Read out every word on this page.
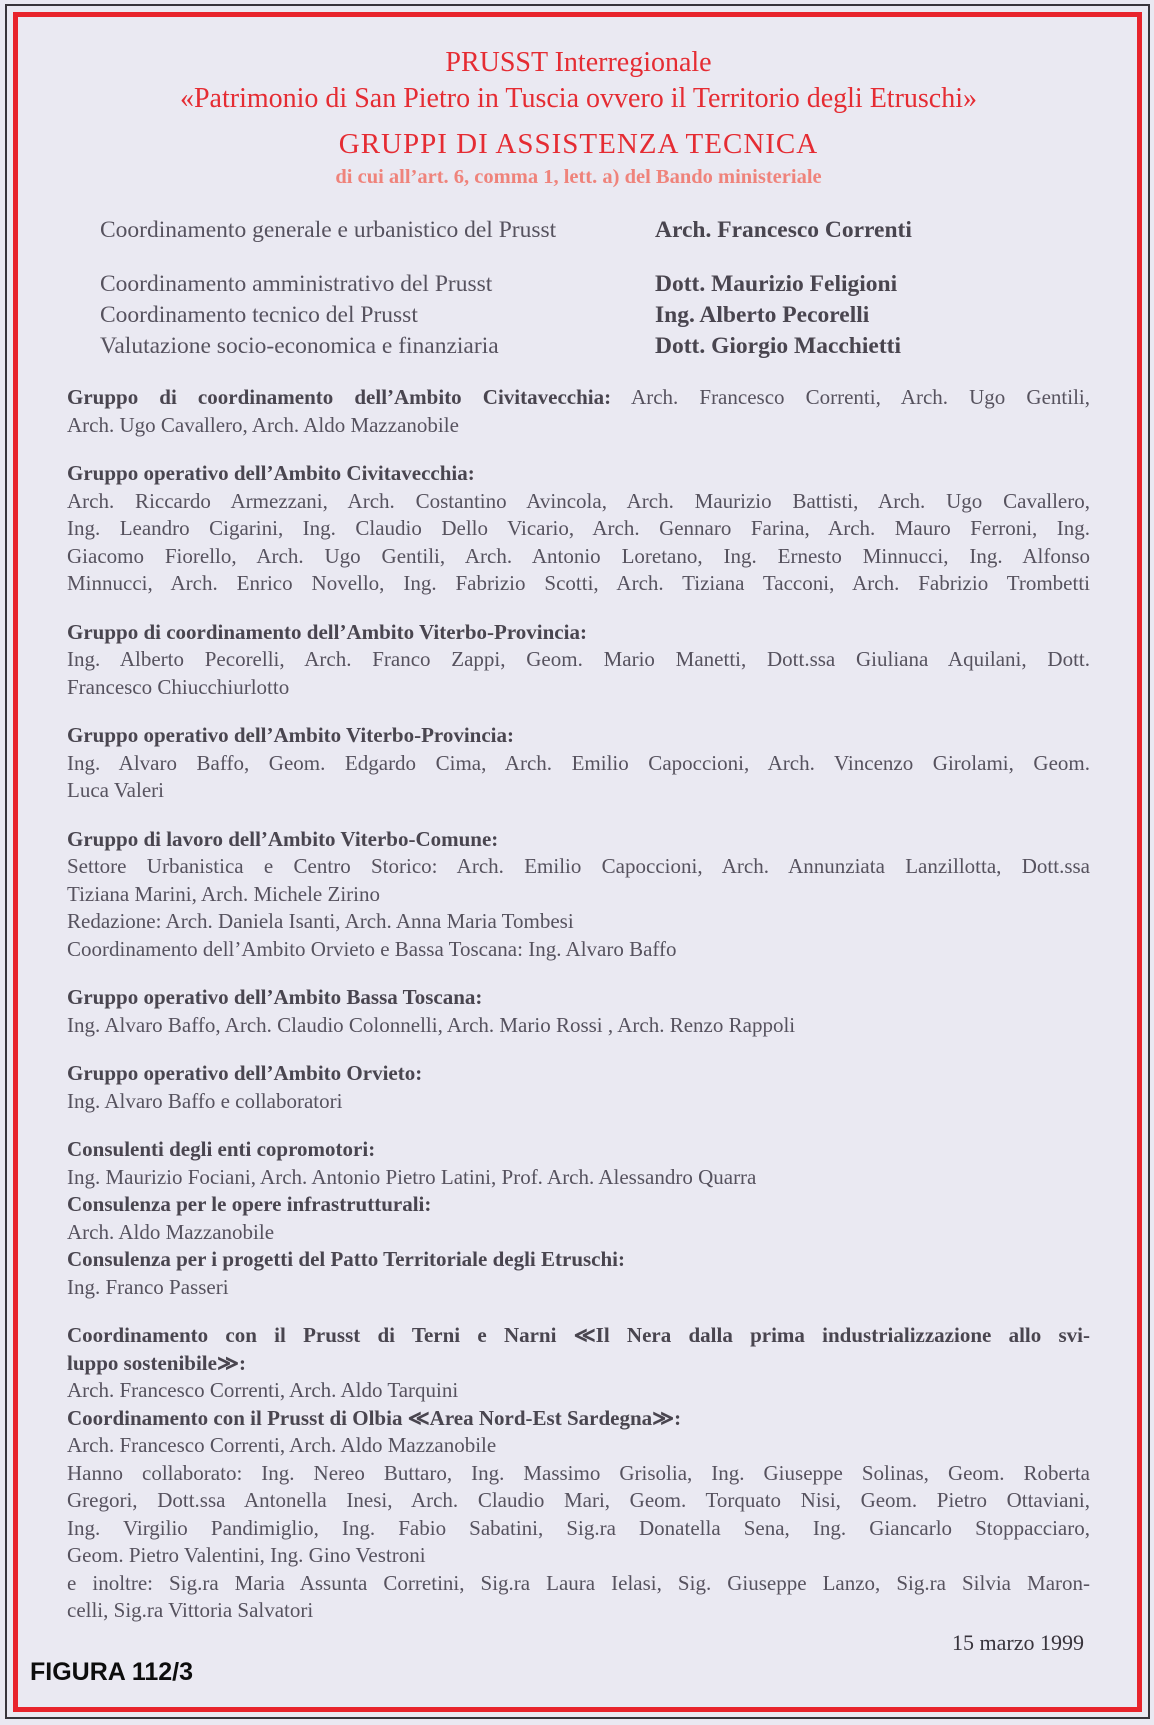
PRUSST Interregionale
«Patrimonio di San Pietro in Tuscia ovvero il Territorio degli Etruschi»
GRUPPI DI ASSISTENZA TECNICA
di cui all’art. 6, comma 1, lett. a) del Bando ministeriale
Coordinamento generale e urbanistico del Prusst	Arch. Francesco Correnti
Coordinamento amministrativo del Prusst	Dott. Maurizio Feligioni
Coordinamento tecnico del Prusst	Ing. Alberto Pecorelli
Valutazione socio-economica e finanziaria	Dott. Giorgio Macchietti
Gruppo di coordinamento dell’Ambito Civitavecchia: Arch. Francesco Correnti, Arch. Ugo Gentili,
Arch. Ugo Cavallero, Arch. Aldo Mazzanobile
Gruppo operativo dell’Ambito Civitavecchia:
Arch. Riccardo Armezzani, Arch. Costantino Avincola, Arch. Maurizio Battisti, Arch. Ugo Cavallero,
Ing. Leandro Cigarini, Ing. Claudio Dello Vicario, Arch. Gennaro Farina, Arch. Mauro Ferroni, Ing.
Giacomo Fiorello, Arch. Ugo Gentili, Arch. Antonio Loretano, Ing. Ernesto Minnucci, Ing. Alfonso
Minnucci, Arch. Enrico Novello, Ing. Fabrizio Scotti, Arch. Tiziana Tacconi, Arch. Fabrizio Trombetti
Gruppo di coordinamento dell’Ambito Viterbo-Provincia:
Ing. Alberto Pecorelli, Arch. Franco Zappi, Geom. Mario Manetti, Dott.ssa Giuliana Aquilani, Dott.
Francesco Chiucchiurlotto
Gruppo operativo dell’Ambito Viterbo-Provincia:
Ing. Alvaro Baffo, Geom. Edgardo Cima, Arch. Emilio Capoccioni, Arch. Vincenzo Girolami, Geom.
Luca Valeri
Gruppo di lavoro dell’Ambito Viterbo-Comune:
Settore Urbanistica e Centro Storico: Arch. Emilio Capoccioni, Arch. Annunziata Lanzillotta, Dott.ssa
Tiziana Marini, Arch. Michele Zirino
Redazione: Arch. Daniela Isanti, Arch. Anna Maria Tombesi
Coordinamento dell’Ambito Orvieto e Bassa Toscana: Ing. Alvaro Baffo
Gruppo operativo dell’Ambito Bassa Toscana:
Ing. Alvaro Baffo, Arch. Claudio Colonnelli, Arch. Mario Rossi , Arch. Renzo Rappoli
Gruppo operativo dell’Ambito Orvieto:
Ing. Alvaro Baffo e collaboratori
Consulenti degli enti copromotori:
Ing. Maurizio Fociani, Arch. Antonio Pietro Latini, Prof. Arch. Alessandro Quarra
Consulenza per le opere infrastrutturali:
Arch. Aldo Mazzanobile
Consulenza per i progetti del Patto Territoriale degli Etruschi:
Ing. Franco Passeri
Coordinamento con il Prusst di Terni e Narni ≪Il Nera dalla prima industrializzazione allo svi-
luppo sostenibile≫:
Arch. Francesco Correnti, Arch. Aldo Tarquini
Coordinamento con il Prusst di Olbia ≪Area Nord-Est Sardegna≫:
Arch. Francesco Correnti, Arch. Aldo Mazzanobile
Hanno collaborato: Ing. Nereo Buttaro, Ing. Massimo Grisolia, Ing. Giuseppe Solinas, Geom. Roberta
Gregori, Dott.ssa Antonella Inesi, Arch. Claudio Mari, Geom. Torquato Nisi, Geom. Pietro Ottaviani,
Ing. Virgilio Pandimiglio, Ing. Fabio Sabatini, Sig.ra Donatella Sena, Ing. Giancarlo Stoppacciaro,
Geom. Pietro Valentini, Ing. Gino Vestroni
e inoltre: Sig.ra Maria Assunta Corretini, Sig.ra Laura Ielasi, Sig. Giuseppe Lanzo, Sig.ra Silvia Maron-
celli, Sig.ra Vittoria Salvatori
15 marzo 1999
FIGURA 112/3
